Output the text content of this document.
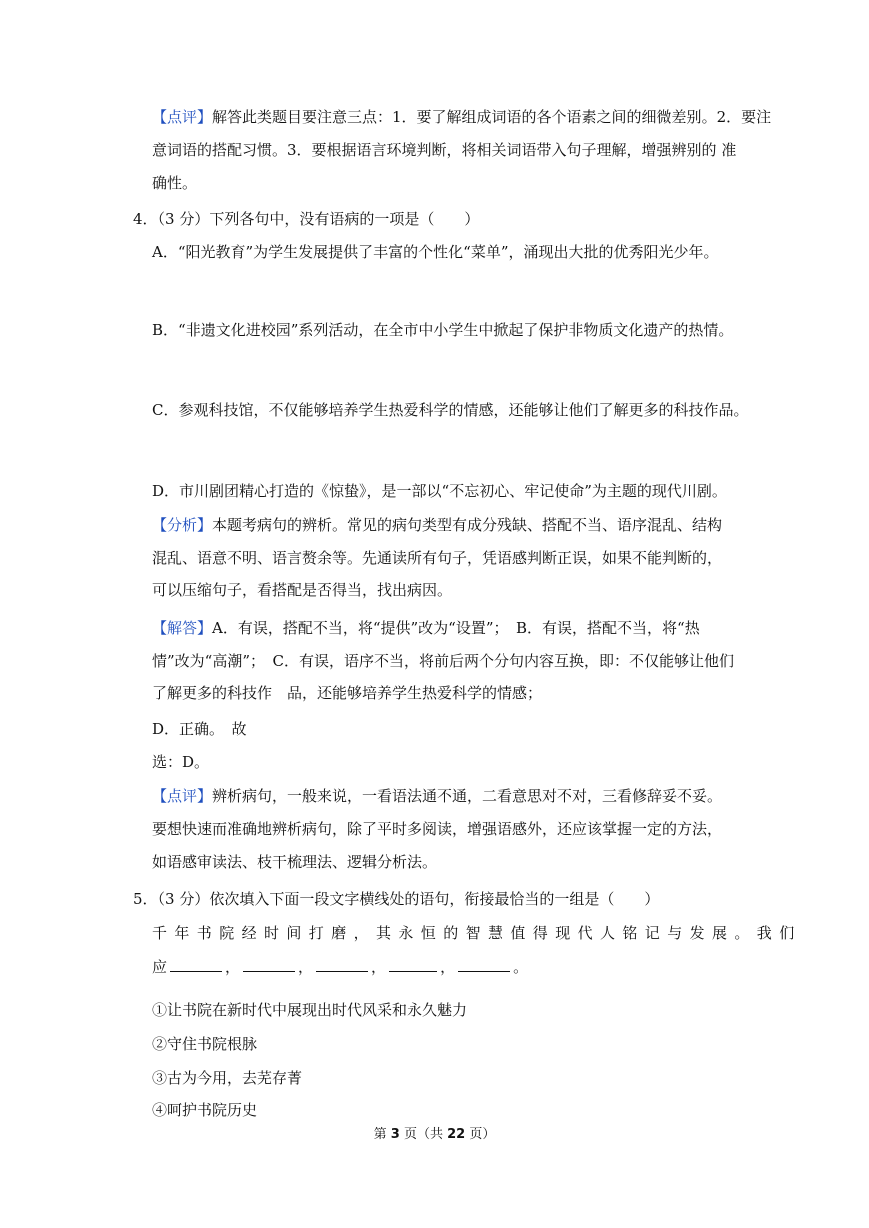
【点评】解答此类题目要注意三点：1．要了解组成词语的各个语素之间的细微差别。2．要注
意词语的搭配习惯。3．要根据语言环境判断，将相关词语带入句子理解，增强辨别的 准
确性。
4．（3 分）下列各句中，没有语病的一项是（　　）
A．“阳光教育”为学生发展提供了丰富的个性化“菜单”，涌现出大批的优秀阳光少年。
B．“非遗文化进校园”系列活动，在全市中小学生中掀起了保护非物质文化遗产的热情。
C．参观科技馆，不仅能够培养学生热爱科学的情感，还能够让他们了解更多的科技作品。
D．市川剧团精心打造的《惊蛰》，是一部以“不忘初心、牢记使命”为主题的现代川剧。
【分析】本题考病句的辨析。常见的病句类型有成分残缺、搭配不当、语序混乱、结构
混乱、语意不明、语言赘余等。先通读所有句子，凭语感判断正误，如果不能判断的，
可以压缩句子，看搭配是否得当，找出病因。
【解答】A．有误，搭配不当，将“提供”改为“设置”；　B．有误，搭配不当，将“热
情”改为“高潮”；　C．有误，语序不当，将前后两个分句内容互换，即：不仅能够让他们
了解更多的科技作　品，还能够培养学生热爱科学的情感；
D．正确。　故
选：D。
【点评】辨析病句，一般来说，一看语法通不通，二看意思对不对，三看修辞妥不妥。
要想快速而准确地辨析病句，除了平时多阅读，增强语感外，还应该掌握一定的方法，
如语感审读法、枝干梳理法、逻辑分析法。
5．（3 分）依次填入下面一段文字横线处的语句，衔接最恰当的一组是（　　）
千年书院经时间打磨，其永恒的智慧值得现代人铭记与发展。我们
应	，	，	，	，	。
①让书院在新时代中展现出时代风采和永久魅力
②守住书院根脉
③古为今用，去芜存菁
④呵护书院历史
第 3 页（共 22 页）
